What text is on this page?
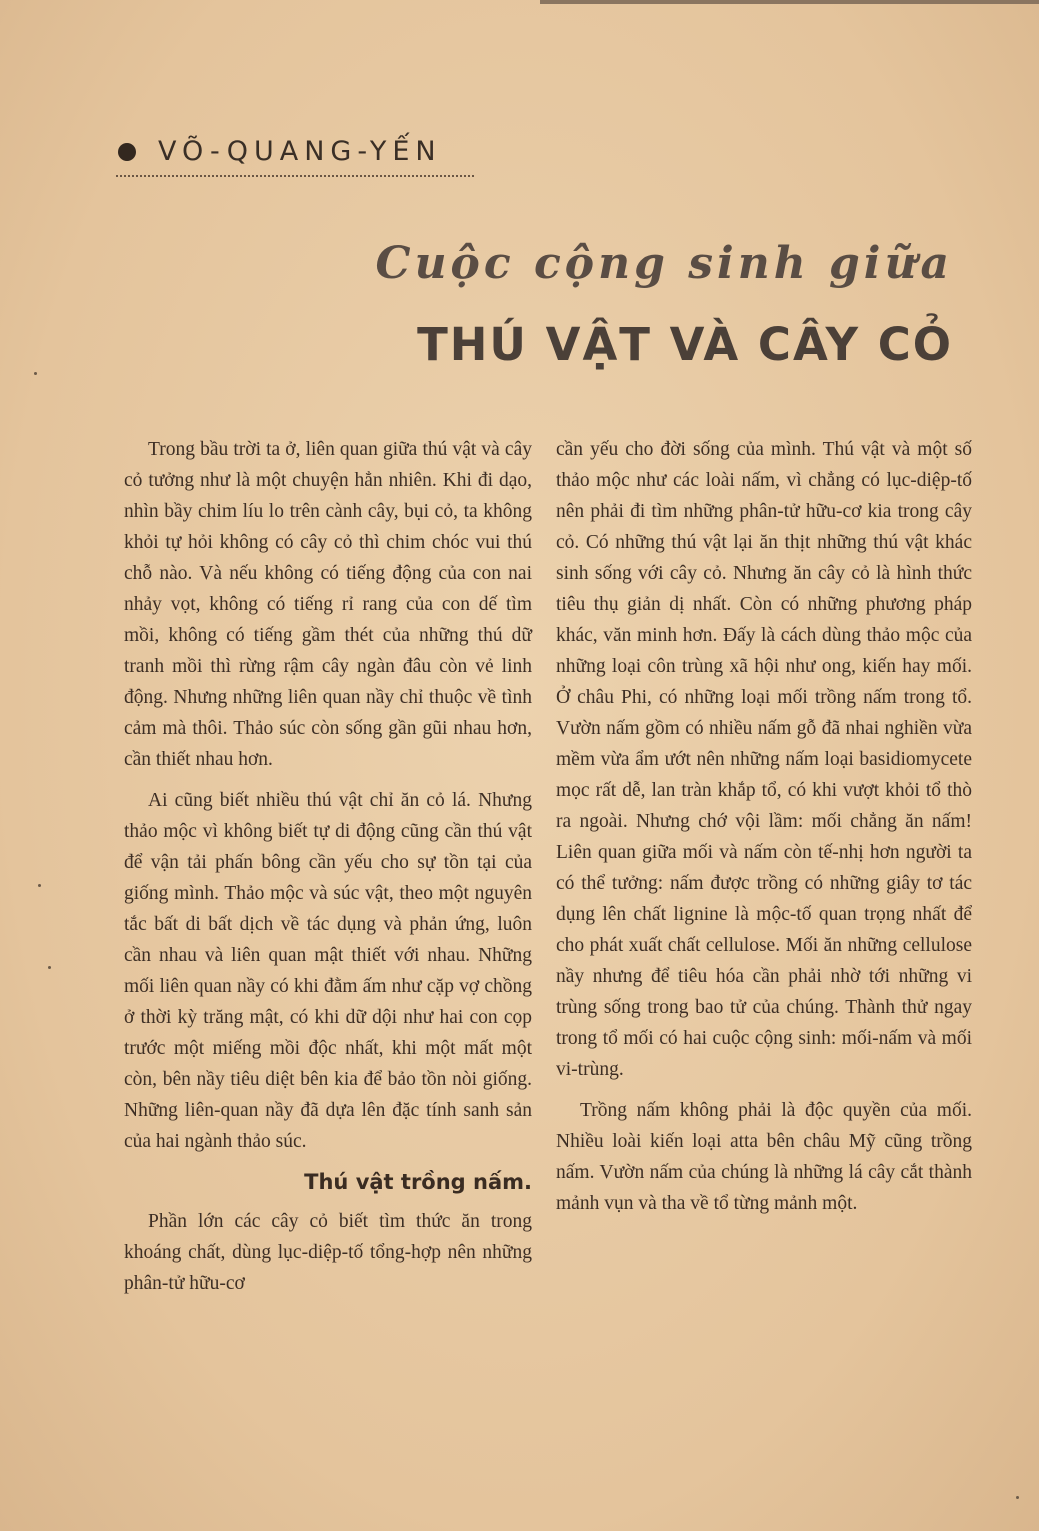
VÕ-QUANG-YẾN
Cuộc cộng sinh giữa
THÚ VẬT VÀ CÂY CỎ

Trong bầu trời ta ở, liên quan giữa thú vật và cây cỏ tưởng như là một chuyện hẳn nhiên. Khi đi dạo, nhìn bầy chim líu lo trên cành cây, bụi cỏ, ta không khỏi tự hỏi không có cây cỏ thì chim chóc vui thú chỗ nào. Và nếu không có tiếng động của con nai nhảy vọt, không có tiếng rỉ rang của con dế tìm mồi, không có tiếng gầm thét của những thú dữ tranh mồi thì rừng rậm cây ngàn đâu còn vẻ linh động. Nhưng những liên quan nầy chỉ thuộc về tình cảm mà thôi. Thảo súc còn sống gần gũi nhau hơn, cần thiết nhau hơn.

Ai cũng biết nhiều thú vật chỉ ăn cỏ lá. Nhưng thảo mộc vì không biết tự di động cũng cần thú vật để vận tải phấn bông cần yếu cho sự tồn tại của giống mình. Thảo mộc và súc vật, theo một nguyên tắc bất di bất dịch về tác dụng và phản ứng, luôn cần nhau và liên quan mật thiết với nhau. Những mối liên quan nầy có khi đằm ấm như cặp vợ chồng ở thời kỳ trăng mật, có khi dữ dội như hai con cọp trước một miếng mồi độc nhất, khi một mất một còn, bên nầy tiêu diệt bên kia để bảo tồn nòi giống. Những liên-quan nầy đã dựa lên đặc tính sanh sản của hai ngành thảo súc.

Thú vật trồng nấm.

Phần lớn các cây cỏ biết tìm thức ăn trong khoáng chất, dùng lục-diệp-tố tổng-hợp nên những phân-tử hữu-cơ

cần yếu cho đời sống của mình. Thú vật và một số thảo mộc như các loài nấm, vì chẳng có lục-diệp-tố nên phải đi tìm những phân-tử hữu-cơ kia trong cây cỏ. Có những thú vật lại ăn thịt những thú vật khác sinh sống với cây cỏ. Nhưng ăn cây cỏ là hình thức tiêu thụ giản dị nhất. Còn có những phương pháp khác, văn minh hơn. Đấy là cách dùng thảo mộc của những loại côn trùng xã hội như ong, kiến hay mối. Ở châu Phi, có những loại mối trồng nấm trong tổ. Vườn nấm gồm có nhiều nấm gỗ đã nhai nghiền vừa mềm vừa ẩm ướt nên những nấm loại basidiomycete mọc rất dễ, lan tràn khắp tổ, có khi vượt khỏi tổ thò ra ngoài. Nhưng chớ vội lầm: mối chẳng ăn nấm! Liên quan giữa mối và nấm còn tế-nhị hơn người ta có thể tưởng: nấm được trồng có những giây tơ tác dụng lên chất lignine là mộc-tố quan trọng nhất để cho phát xuất chất cellulose. Mối ăn những cellulose nầy nhưng để tiêu hóa cần phải nhờ tới những vi trùng sống trong bao tử của chúng. Thành thử ngay trong tổ mối có hai cuộc cộng sinh: mối-nấm và mối vi-trùng.

Trồng nấm không phải là độc quyền của mối. Nhiều loài kiến loại atta bên châu Mỹ cũng trồng nấm. Vườn nấm của chúng là những lá cây cắt thành mảnh vụn và tha về tổ từng mảnh một.
